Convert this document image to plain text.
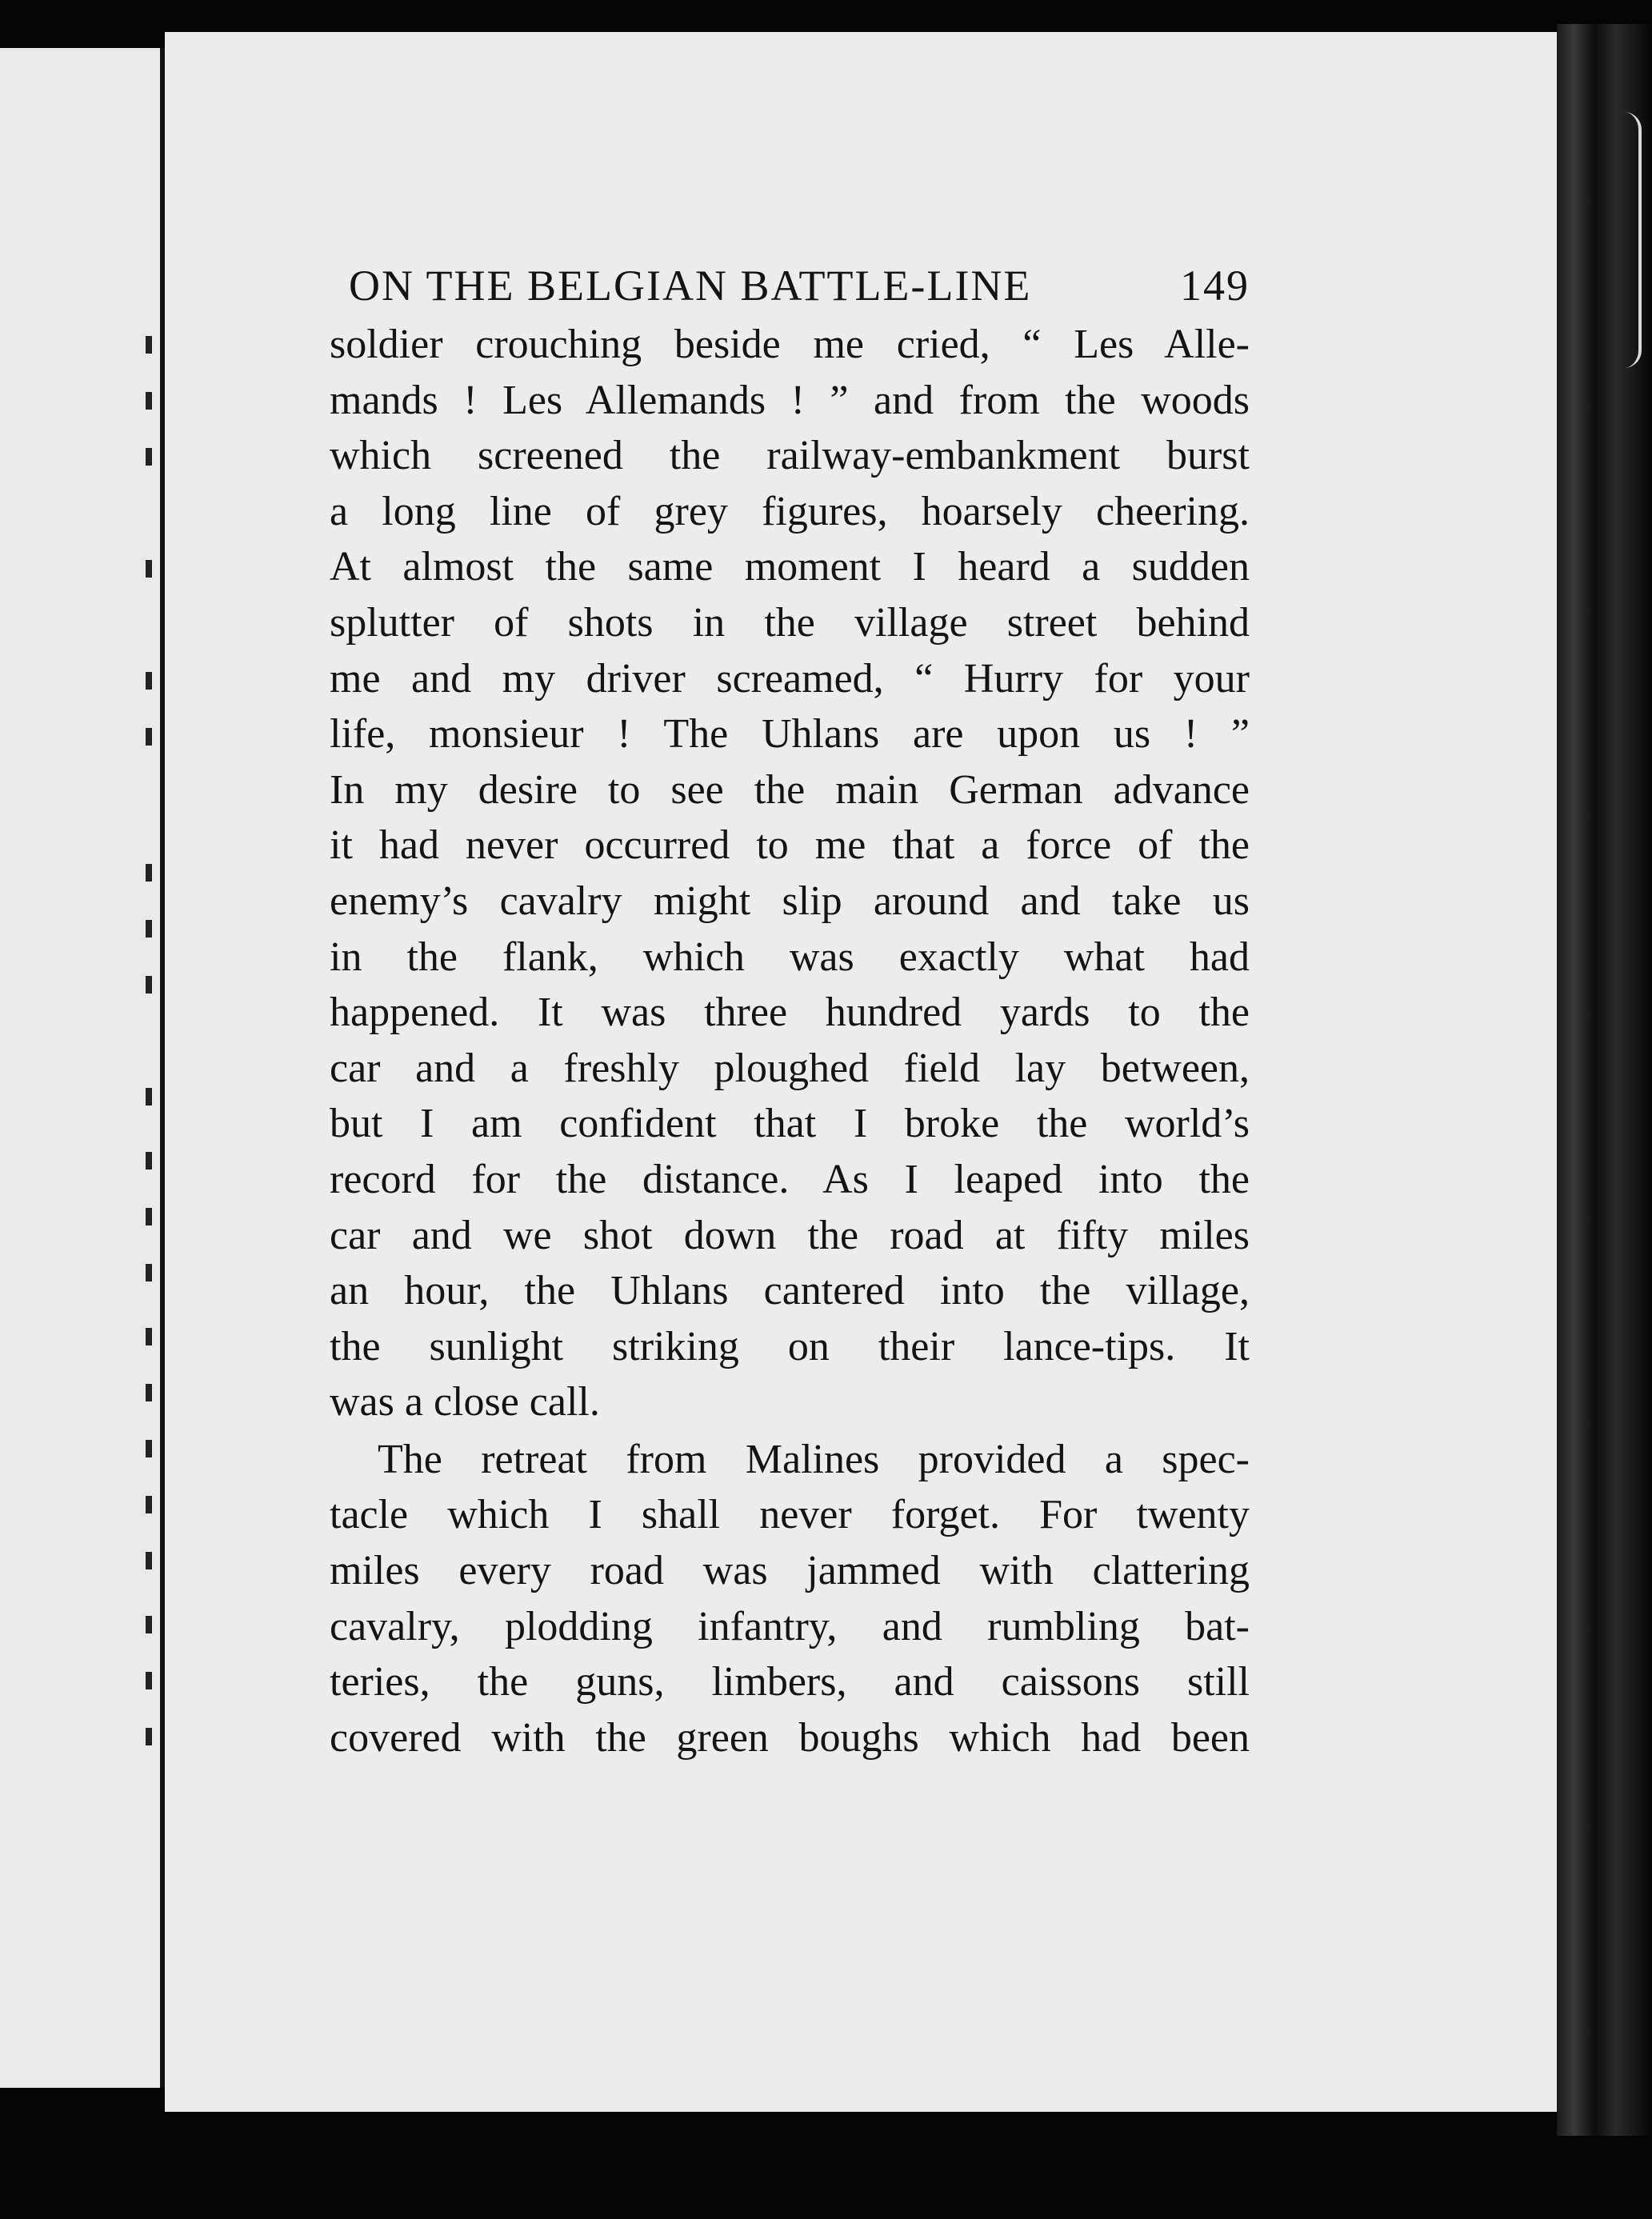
ON THE BELGIAN BATTLE-LINE	149
soldier crouching beside me cried, “ Les Alle-
mands ! Les Allemands ! ” and from the woods
which screened the railway-embankment burst
a long line of grey figures, hoarsely cheering.
At almost the same moment I heard a sudden
splutter of shots in the village street behind
me and my driver screamed, “ Hurry for your
life, monsieur ! The Uhlans are upon us ! ”
In my desire to see the main German advance
it had never occurred to me that a force of the
enemy’s cavalry might slip around and take us
in the flank, which was exactly what had
happened. It was three hundred yards to the
car and a freshly ploughed field lay between,
but I am confident that I broke the world’s
record for the distance. As I leaped into the
car and we shot down the road at fifty miles
an hour, the Uhlans cantered into the village,
the sunlight striking on their lance-tips. It
was a close call.
The retreat from Malines provided a spec-
tacle which I shall never forget. For twenty
miles every road was jammed with clattering
cavalry, plodding infantry, and rumbling bat-
teries, the guns, limbers, and caissons still
covered with the green boughs which had been
